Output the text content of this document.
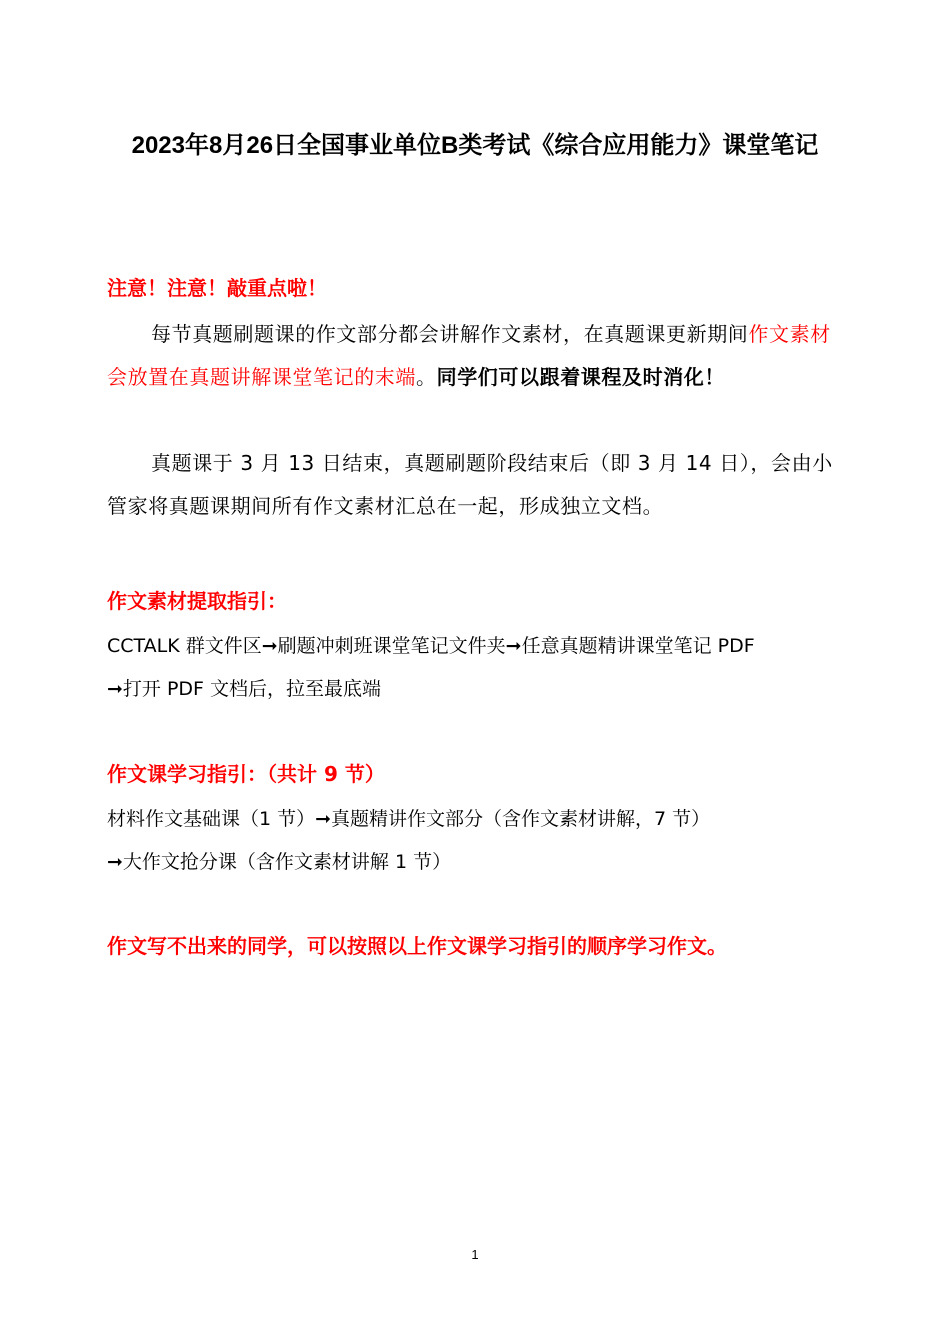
2023年8月26日全国事业单位B类考试《综合应用能力》课堂笔记
注意！注意！敲重点啦！

每节真题刷题课的作文部分都会讲解作文素材，在真题课更新期间作文素材会放置在真题讲解课堂笔记的末端。同学们可以跟着课程及时消化！

真题课于 3 月 13 日结束，真题刷题阶段结束后（即 3 月 14 日），会由小管家将真题课期间所有作文素材汇总在一起，形成独立文档。

作文素材提取指引：
CCTALK 群文件区➞刷题冲刺班课堂笔记文件夹➞任意真题精讲课堂笔记 PDF
➞打开 PDF 文档后，拉至最底端
作文课学习指引：（共计 9 节）
材料作文基础课（1 节）➞真题精讲作文部分（含作文素材讲解，7 节）
➞大作文抢分课（含作文素材讲解 1 节）
作文写不出来的同学，可以按照以上作文课学习指引的顺序学习作文。
1
